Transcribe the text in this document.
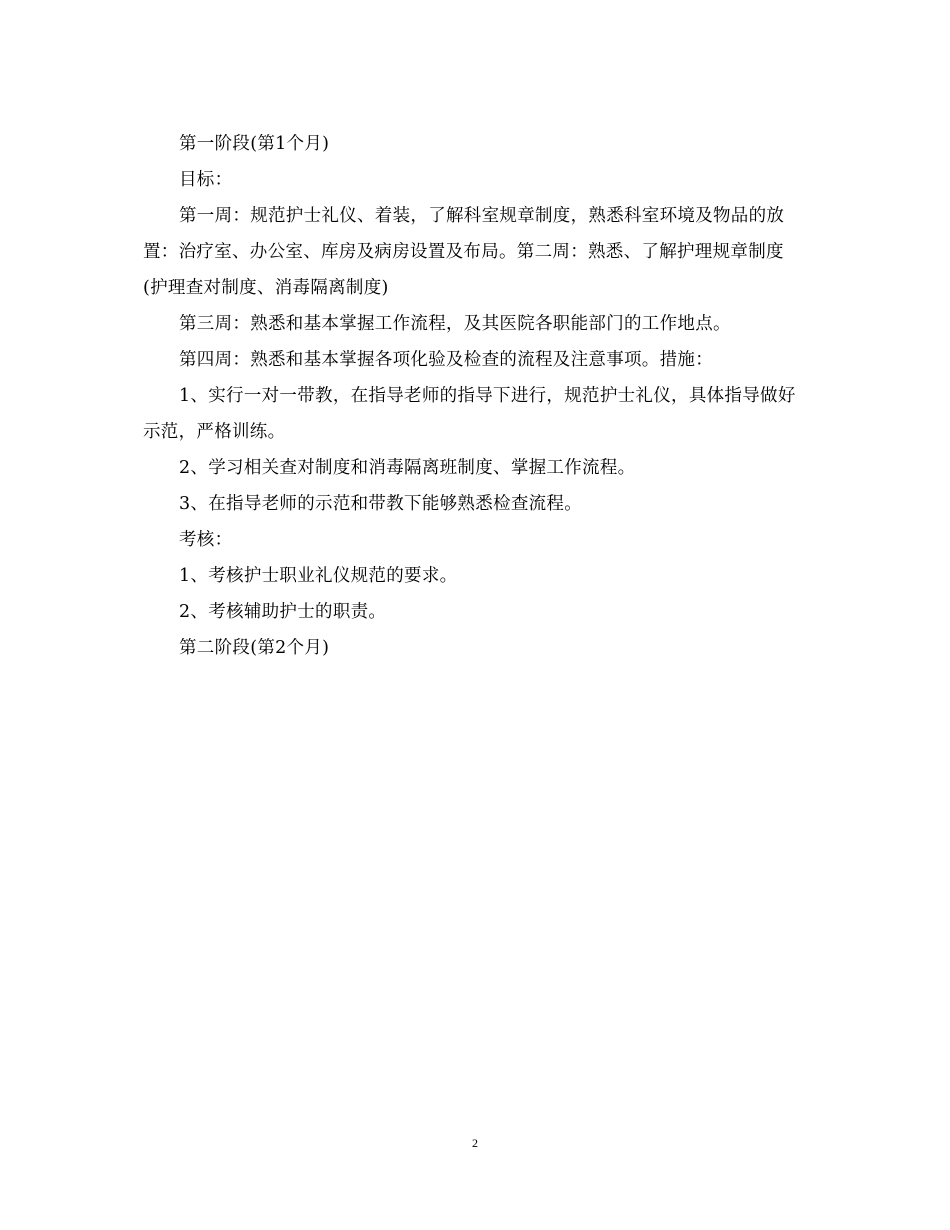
第一阶段(第1个月)

目标：

第一周：规范护士礼仪、着装，了解科室规章制度，熟悉科室环境及物品的放置：治疗室、办公室、库房及病房设置及布局。第二周：熟悉、了解护理规章制度(护理查对制度、消毒隔离制度)

第三周：熟悉和基本掌握工作流程，及其医院各职能部门的工作地点。

第四周：熟悉和基本掌握各项化验及检查的流程及注意事项。措施：

1、实行一对一带教，在指导老师的指导下进行，规范护士礼仪，具体指导做好示范，严格训练。

2、学习相关查对制度和消毒隔离班制度、掌握工作流程。

3、在指导老师的示范和带教下能够熟悉检查流程。

考核：

1、考核护士职业礼仪规范的要求。

2、考核辅助护士的职责。

第二阶段(第2个月)

2
